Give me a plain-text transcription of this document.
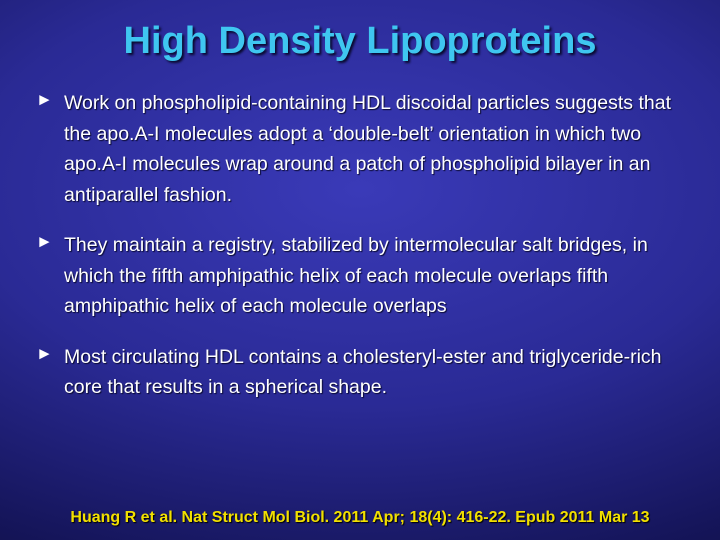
High Density Lipoproteins
► Work on phospholipid-containing HDL discoidal particles suggests that the apo.A-I molecules adopt a ‘double-belt’ orientation in which two apo.A-I molecules wrap around a patch of phospholipid bilayer in an antiparallel fashion.
► They maintain a registry, stabilized by intermolecular salt bridges, in which the fifth amphipathic helix of each molecule overlaps fifth amphipathic helix of each molecule overlaps
► Most circulating HDL contains a cholesteryl-ester and triglyceride-rich core that results in a spherical shape.
Huang R et al. Nat Struct Mol Biol. 2011 Apr; 18(4): 416-22. Epub 2011 Mar 13
